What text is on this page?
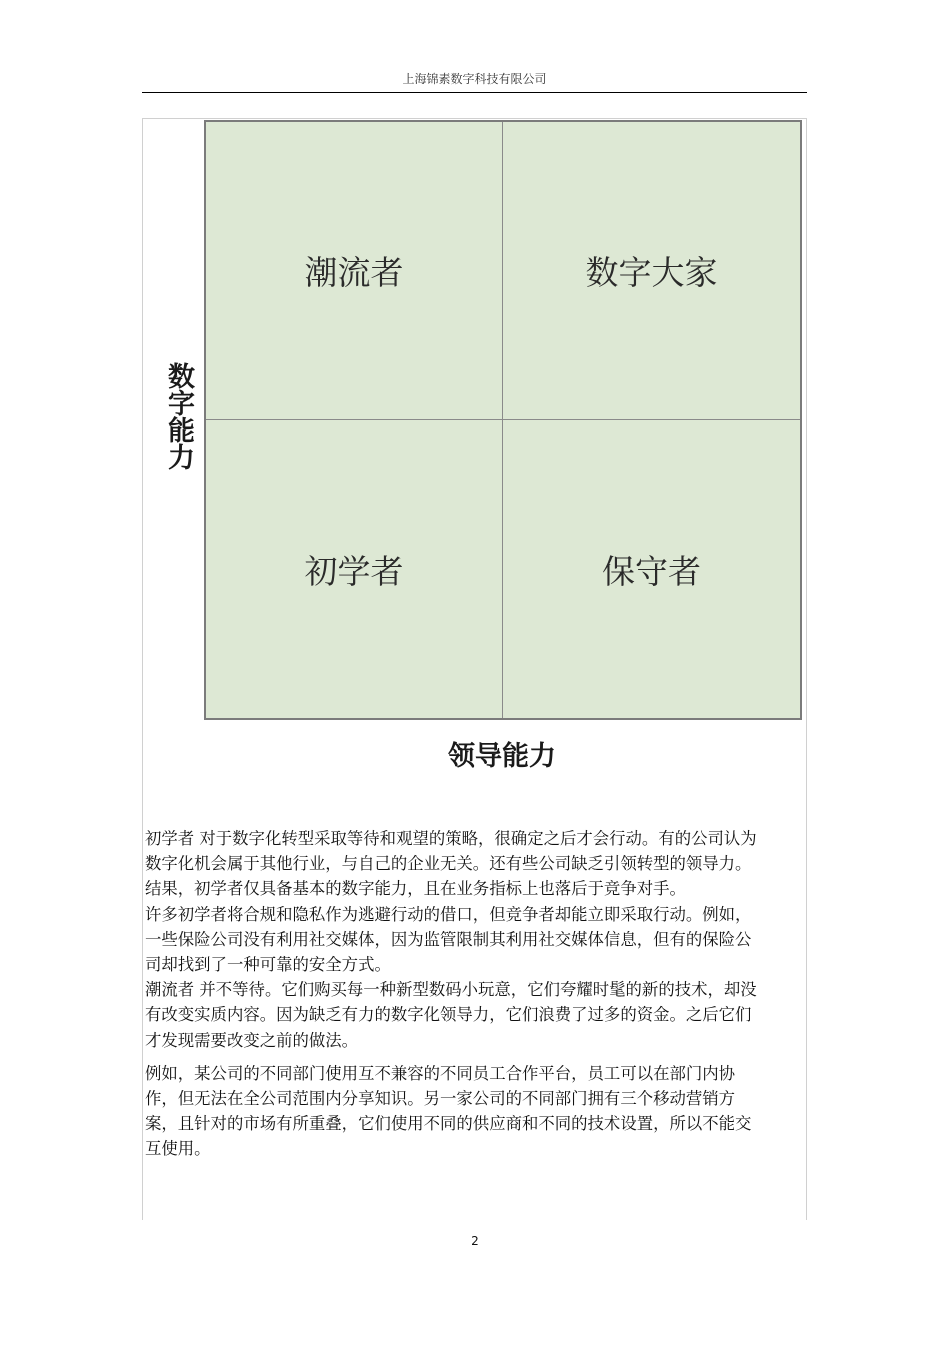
上海锦素数字科技有限公司
数字能力
潮流者	数字大家
初学者	保守者
领导能力

初学者 对于数字化转型采取等待和观望的策略，很确定之后才会行动。有的公司认为数字化机会属于其他行业，与自己的企业无关。还有些公司缺乏引领转型的领导力。结果，初学者仅具备基本的数字能力，且在业务指标上也落后于竞争对手。

许多初学者将合规和隐私作为逃避行动的借口，但竞争者却能立即采取行动。例如，一些保险公司没有利用社交媒体，因为监管限制其利用社交媒体信息，但有的保险公司却找到了一种可靠的安全方式。

潮流者 并不等待。它们购买每一种新型数码小玩意，它们夸耀时髦的新的技术，却没有改变实质内容。因为缺乏有力的数字化领导力，它们浪费了过多的资金。之后它们才发现需要改变之前的做法。

例如，某公司的不同部门使用互不兼容的不同员工合作平台，员工可以在部门内协作，但无法在全公司范围内分享知识。另一家公司的不同部门拥有三个移动营销方案，且针对的市场有所重叠，它们使用不同的供应商和不同的技术设置，所以不能交互使用。

2
